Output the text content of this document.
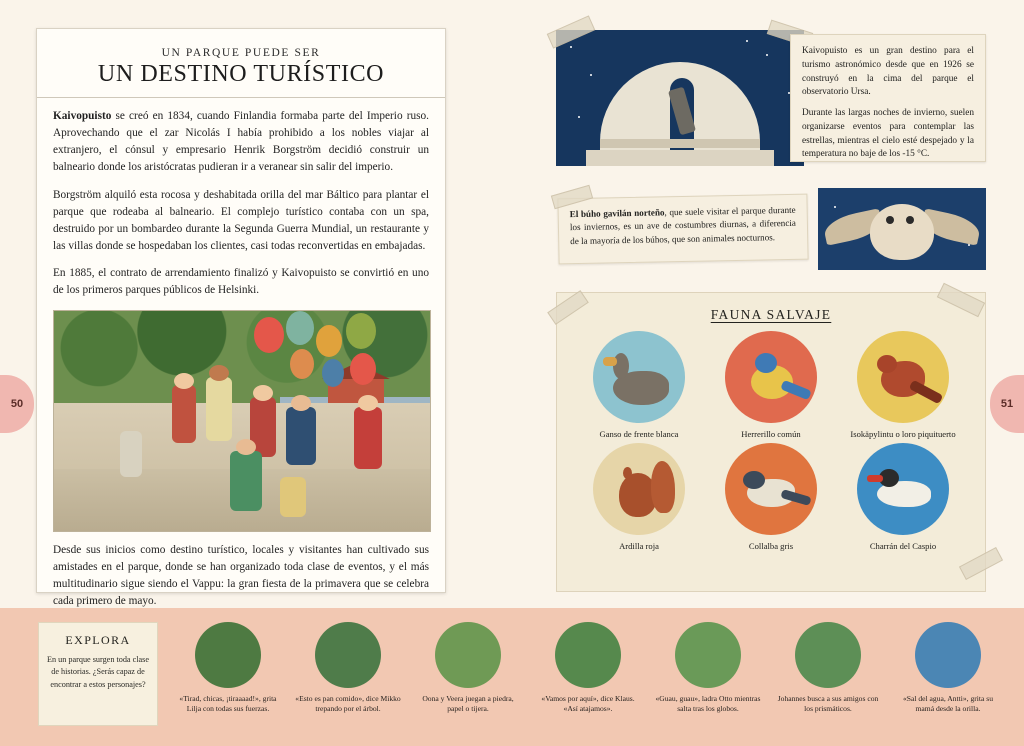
50	51
UN PARQUE PUEDE SER
UN DESTINO TURÍSTICO

Kaivopuisto se creó en 1834, cuando Finlandia formaba parte del Imperio ruso. Aprovechando que el zar Nicolás I había prohibido a los nobles viajar al extranjero, el cónsul y empresario Henrik Borgström decidió construir un balneario donde los aristócratas pudieran ir a veranear sin salir del imperio.

Borgström alquiló esta rocosa y deshabitada orilla del mar Báltico para plantar el parque que rodeaba al balneario. El complejo turístico contaba con un spa, destruido por un bombardeo durante la Segunda Guerra Mundial, un restaurante y las villas donde se hospedaban los clientes, casi todas reconvertidas en embajadas.

En 1885, el contrato de arrendamiento finalizó y Kaivopuisto se convirtió en uno de los primeros parques públicos de Helsinki.

Desde sus inicios como destino turístico, locales y visitantes han cultivado sus amistades en el parque, donde se han organizado toda clase de eventos, y el más multitudinario sigue siendo el Vappu: la gran fiesta de la primavera que se celebra cada primero de mayo.

Kaivopuisto es un gran destino para el turismo astronómico desde que en 1926 se construyó en la cima del parque el observatorio Ursa.

Durante las largas noches de invierno, suelen organizarse eventos para contemplar las estrellas, mientras el cielo esté despejado y la temperatura no baje de los -15 °C.

El búho gavilán norteño, que suele visitar el parque durante los inviernos, es un ave de costumbres diurnas, a diferencia de la mayoría de los búhos, que son animales nocturnos.

FAUNA SALVAJE
Ganso de frente blanca	Herrerillo común	Isokäpylintu o loro piquituerto
Ardilla roja	Collalba gris	Charrán del Caspio
EXPLORA
En un parque surgen toda clase de historias. ¿Serás capaz de encontrar a estos personajes?
«Tirad, chicas, ¡tiraaaad!», grita Lilja con todas sus fuerzas.
«Esto es pan comido», dice Mikko trepando por el árbol.
Oona y Veera juegan a piedra, papel o tijera.
«Vamos por aquí», dice Klaus. «Así atajamos».
«Guau, guau», ladra Otto mientras salta tras los globos.
Johannes busca a sus amigos con los prismáticos.
«Sal del agua, Antti», grita su mamá desde la orilla.
